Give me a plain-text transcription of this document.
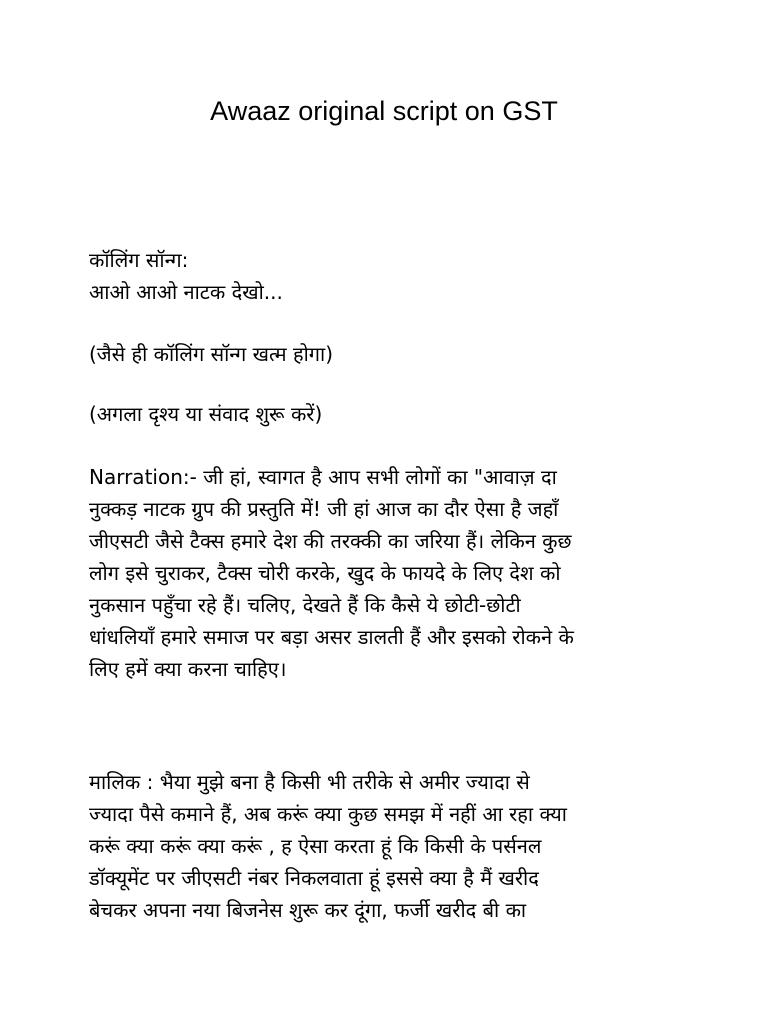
Awaaz original script on GST
कॉलिंग सॉन्ग:
आओ आओ नाटक देखो...
(जैसे ही कॉलिंग सॉन्ग खत्म होगा)
(अगला दृश्य या संवाद शुरू करें)
Narration:- जी हां, स्वागत है आप सभी लोगों का "आवाज़ दा
नुक्कड़ नाटक ग्रुप की प्रस्तुति में! जी हां आज का दौर ऐसा है जहाँ
जीएसटी जैसे टैक्स हमारे देश की तरक्की का जरिया हैं। लेकिन कुछ
लोग इसे चुराकर, टैक्स चोरी करके, खुद के फायदे के लिए देश को
नुकसान पहुँचा रहे हैं। चलिए, देखते हैं कि कैसे ये छोटी-छोटी
धांधलियाँ हमारे समाज पर बड़ा असर डालती हैं और इसको रोकने के
लिए हमें क्या करना चाहिए।
मालिक : भैया मुझे बना है किसी भी तरीके से अमीर ज्यादा से
ज्यादा पैसे कमाने हैं, अब करूं क्या कुछ समझ में नहीं आ रहा क्या
करूं क्या करूं क्या करूं , ह ऐसा करता हूं कि किसी के पर्सनल
डॉक्यूमेंट पर जीएसटी नंबर निकलवाता हूं इससे क्या है मैं खरीद
बेचकर अपना नया बिजनेस शुरू कर दूंगा, फर्जी खरीद बी का
